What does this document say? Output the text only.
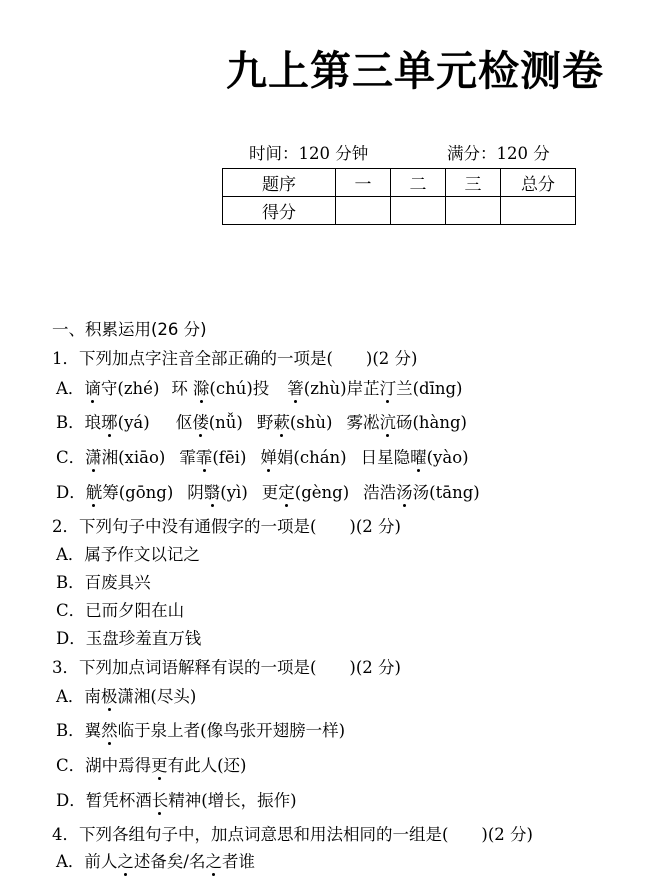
九上第三单元检测卷
时间：120 分钟	满分：120 分
题序	一	二	三	总分
得分				
一、积累运用(26 分)
1．下列加点字注音全部正确的一项是(　　)(2 分)
A．谪守(zhé) 环 滁(chú)投 箸(zhù)岸芷汀兰(dīng)
B．琅琊(yá) 伛偻(nǚ) 野蔌(shù) 雾凇沆砀(hàng)
C．潇湘(xiāo) 霏霏(fēi) 婵娟(chán) 日星隐曜(yào)
D．觥筹(gōng) 阴翳(yì) 更定(gèng) 浩浩汤汤(tāng)
2．下列句子中没有通假字的一项是(　　)(2 分)
A．属予作文以记之
B．百废具兴
C．已而夕阳在山
D．玉盘珍羞直万钱
3．下列加点词语解释有误的一项是(　　)(2 分)
A．南极潇湘(尽头)
B．翼然临于泉上者(像鸟张开翅膀一样)
C．湖中焉得更有此人(还)
D．暂凭杯酒长精神(增长，振作)
4．下列各组句子中，加点词意思和用法相同的一组是(　　)(2 分)
A．前人之述备矣/名之者谁
